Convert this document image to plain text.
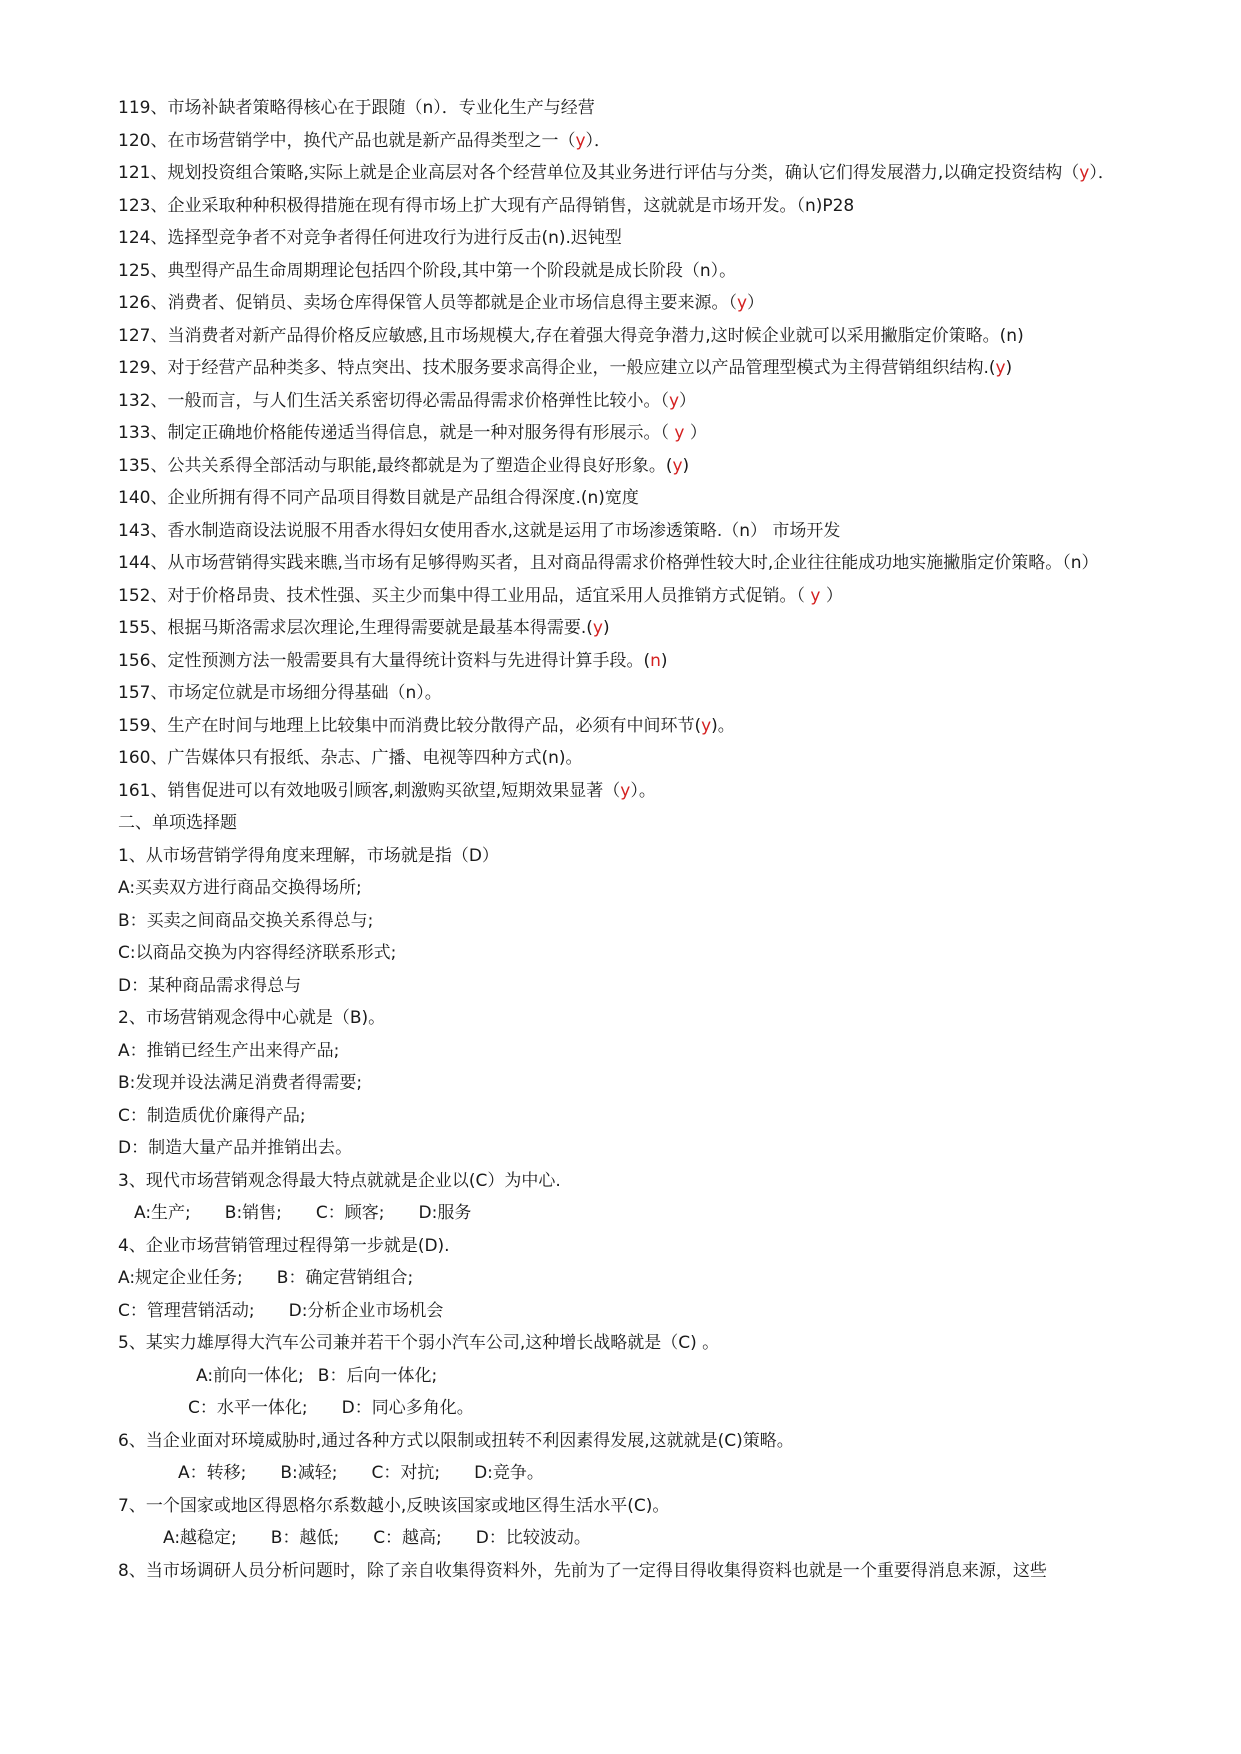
119、市场补缺者策略得核心在于跟随（n）．专业化生产与经营
120、在市场营销学中，换代产品也就是新产品得类型之一（y）．
121、规划投资组合策略,实际上就是企业高层对各个经营单位及其业务进行评估与分类，确认它们得发展潜力,以确定投资结构（y）．
123、企业采取种种积极得措施在现有得市场上扩大现有产品得销售，这就就是市场开发。（n)P28
124、选择型竞争者不对竞争者得任何进攻行为进行反击(n).迟钝型
125、典型得产品生命周期理论包括四个阶段,其中第一个阶段就是成长阶段（n）。
126、消费者、促销员、卖场仓库得保管人员等都就是企业市场信息得主要来源。（y）
127、当消费者对新产品得价格反应敏感,且市场规模大,存在着强大得竞争潜力,这时候企业就可以采用撇脂定价策略。(n)
129、对于经营产品种类多、特点突出、技术服务要求高得企业，一般应建立以产品管理型模式为主得营销组织结构.(y)
132、一般而言，与人们生活关系密切得必需品得需求价格弹性比较小。（y）
133、制定正确地价格能传递适当得信息，就是一种对服务得有形展示。（ y ）
135、公共关系得全部活动与职能,最终都就是为了塑造企业得良好形象。(y)
140、企业所拥有得不同产品项目得数目就是产品组合得深度.(n)宽度
143、香水制造商设法说服不用香水得妇女使用香水,这就是运用了市场渗透策略.（n） 市场开发
144、从市场营销得实践来瞧,当市场有足够得购买者，且对商品得需求价格弹性较大时,企业往往能成功地实施撇脂定价策略。（n）
152、对于价格昂贵、技术性强、买主少而集中得工业用品，适宜采用人员推销方式促销。（ y ）
155、根据马斯洛需求层次理论,生理得需要就是最基本得需要.(y)
156、定性预测方法一般需要具有大量得统计资料与先进得计算手段。(n)
157、市场定位就是市场细分得基础（n）。
159、生产在时间与地理上比较集中而消费比较分散得产品，必须有中间环节(y)。
160、广告媒体只有报纸、杂志、广播、电视等四种方式(n)。
161、销售促进可以有效地吸引顾客,刺激购买欲望,短期效果显著（y）。
二、单项选择题
1、从市场营销学得角度来理解，市场就是指（D）
A:买卖双方进行商品交换得场所;
B：买卖之间商品交换关系得总与;
C:以商品交换为内容得经济联系形式;
D：某种商品需求得总与
2、市场营销观念得中心就是（B)。
A：推销已经生产出来得产品;
B:发现并设法满足消费者得需要;
C：制造质优价廉得产品;
D：制造大量产品并推销出去。
3、现代市场营销观念得最大特点就就是企业以(C）为中心.
A:生产; B:销售; C：顾客; D:服务
4、企业市场营销管理过程得第一步就是(D).
A:规定企业任务; B：确定营销组合;
C：管理营销活动; D:分析企业市场机会
5、某实力雄厚得大汽车公司兼并若干个弱小汽车公司,这种增长战略就是（C) 。
A:前向一体化; B：后向一体化;
C：水平一体化; D：同心多角化。
6、当企业面对环境威胁时,通过各种方式以限制或扭转不利因素得发展,这就就是(C)策略。
A：转移; B:减轻; C：对抗; D:竞争。
7、一个国家或地区得恩格尔系数越小,反映该国家或地区得生活水平(C)。
A:越稳定; B：越低; C：越高; D：比较波动。
8、当市场调研人员分析问题时，除了亲自收集得资料外，先前为了一定得目得收集得资料也就是一个重要得消息来源，这些
